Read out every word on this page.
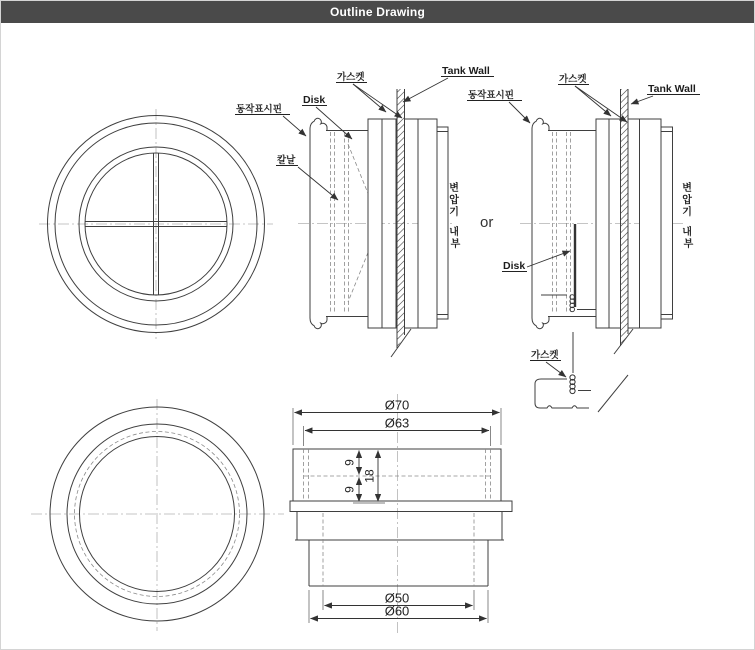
Outline Drawing
변 압 기 내 부
동작표시핀
Disk
칼날
가스켓
Tank Wall
or
변 압 기 내 부
동작표시핀
가스켓
Tank Wall
Disk
가스켓
Ø70
Ø63
9
9
18
Ø50
Ø60
